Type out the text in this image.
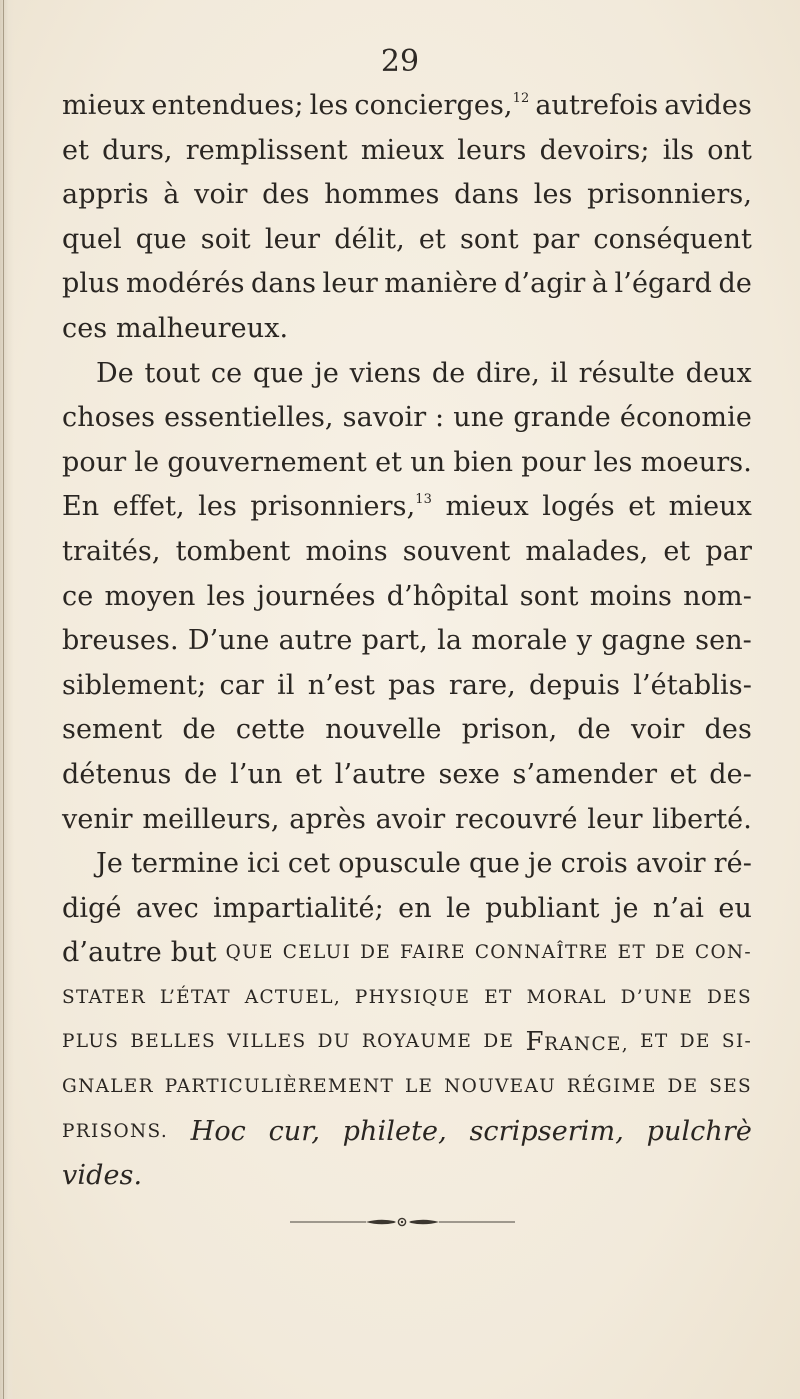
29
mieux entendues; les concierges,$^{12}$ autrefois avides
et durs, remplissent mieux leurs devoirs; ils ont
appris à voir des hommes dans les prisonniers,
quel que soit leur délit, et sont par conséquent
plus modérés dans leur manière d’agir à l’égard de
ces
malheureux.
De tout ce que je viens de dire, il résulte deux
choses essentielles, savoir : une grande économie
pour le gouvernement et un bien pour les moeurs.
En effet, les prisonniers,$^{13}$ mieux logés et mieux
traités, tombent moins souvent malades, et par
ce moyen les journées d’hôpital sont moins nom-
breuses. D’une autre part, la morale y gagne sen-
siblement; car il n’est pas rare, depuis l’établis-
sement de cette nouvelle prison, de voir des
détenus de l’un et l’autre sexe s’amender et de-
venir meilleurs, après avoir recouvré leur liberté.
Je termine ici cet opuscule que je crois avoir ré-
digé avec impartialité; en le publiant je n’ai eu
d’autre but QUE CELUI DE FAIRE CONNAÎTRE ET DE CON-
STATER L’ÉTAT ACTUEL, PHYSIQUE ET MORAL D’UNE DES
PLUS BELLES VILLES DU ROYAUME DE FRANCE, ET DE SI-
GNALER PARTICULIÈREMENT LE NOUVEAU RÉGIME DE SES
PRISONS. Hoc cur, philete, scripserim, pulchrè
vides.
